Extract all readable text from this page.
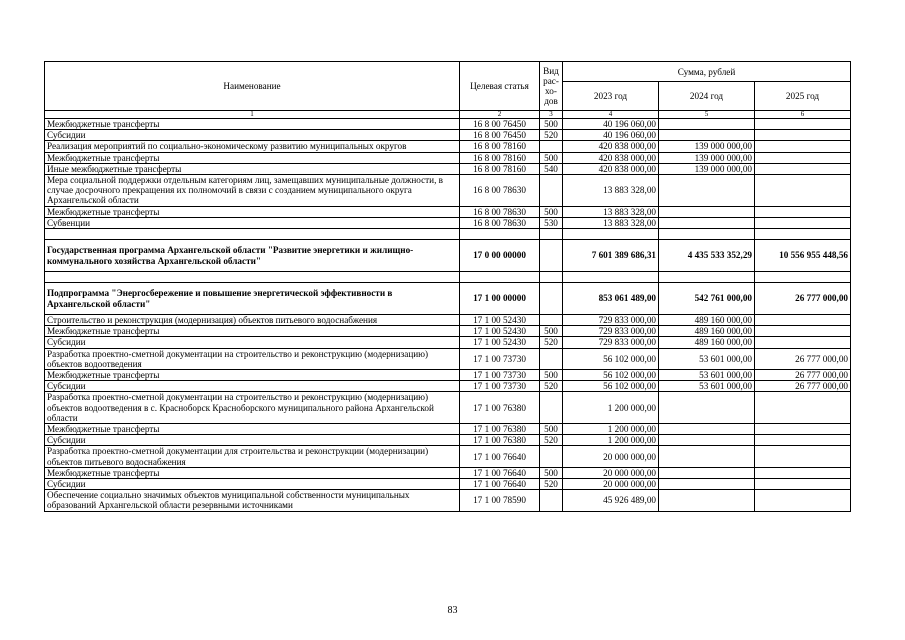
Наименование	Целевая статья	Вид
рас-
хо-
дов	Сумма, рублей		
			2023 год	2024 год	2025 год
1	2	3	4	5	6
Межбюджетные трансферты	16 8 00 76450	500	40 196 060,00		
Субсидии	16 8 00 76450	520	40 196 060,00		
Реализация мероприятий по социально-экономическому развитию муниципальных округов	16 8 00 78160		420 838 000,00	139 000 000,00	
Межбюджетные трансферты	16 8 00 78160	500	420 838 000,00	139 000 000,00	
Иные межбюджетные трансферты	16 8 00 78160	540	420 838 000,00	139 000 000,00	
Мера социальной поддержки отдельным категориям лиц, замещавших муниципальные должности, в случае досрочного прекращения их полномочий в связи с созданием муниципального округа Архангельской области	16 8 00 78630		13 883 328,00		
Межбюджетные трансферты	16 8 00 78630	500	13 883 328,00		
Субвенции	16 8 00 78630	530	13 883 328,00		

Государственная программа Архангельской области "Развитие энергетики и жилищно-коммунального хозяйства Архангельской области"	17 0 00 00000		7 601 389 686,31	4 435 533 352,29	10 556 955 448,56

Подпрограмма "Энергосбережение и повышение энергетической эффективности в Архангельской области"	17 1 00 00000		853 061 489,00	542 761 000,00	26 777 000,00
Строительство и реконструкция (модернизация) объектов питьевого водоснабжения	17 1 00 52430		729 833 000,00	489 160 000,00	
Межбюджетные трансферты	17 1 00 52430	500	729 833 000,00	489 160 000,00	
Субсидии	17 1 00 52430	520	729 833 000,00	489 160 000,00	
Разработка проектно-сметной документации на строительство и реконструкцию (модернизацию) объектов водоотведения	17 1 00 73730		56 102 000,00	53 601 000,00	26 777 000,00
Межбюджетные трансферты	17 1 00 73730	500	56 102 000,00	53 601 000,00	26 777 000,00
Субсидии	17 1 00 73730	520	56 102 000,00	53 601 000,00	26 777 000,00
Разработка проектно-сметной документации на строительство и реконструкцию (модернизацию) объектов водоотведения в с. Красноборск Красноборского муниципального района Архангельской области	17 1 00 76380		1 200 000,00		
Межбюджетные трансферты	17 1 00 76380	500	1 200 000,00		
Субсидии	17 1 00 76380	520	1 200 000,00		
Разработка проектно-сметной документации для строительства и реконструкции (модернизации) объектов питьевого водоснабжения	17 1 00 76640		20 000 000,00		
Межбюджетные трансферты	17 1 00 76640	500	20 000 000,00		
Субсидии	17 1 00 76640	520	20 000 000,00		
Обеспечение социально значимых объектов муниципальной собственности муниципальных образований Архангельской области резервными источниками	17 1 00 78590		45 926 489,00		
83
